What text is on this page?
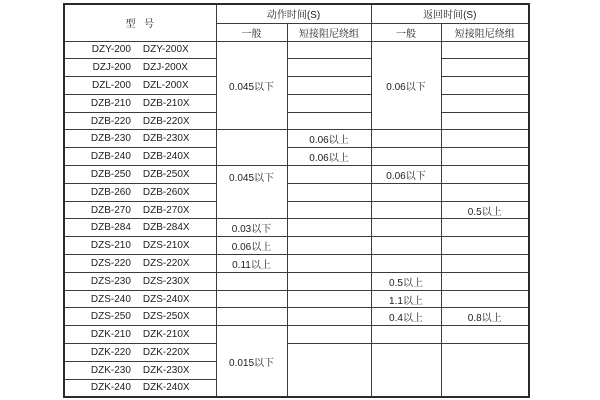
型  号	动作时间(S)		返回时间(S)	
	一般	短接阻尼绕组	一般	短接阻尼绕组

DZY-200 DZY-200X	0.045以下		0.06以下	

DZJ-200 DZJ-200X				

DZL-200 DZL-200X				

DZB-210 DZB-210X				

DZB-220 DZB-220X				

DZB-230 DZB-230X		0.06以上		

DZB-240 DZB-240X		0.06以上		

DZB-250 DZB-250X	0.045以下		0.06以下	

DZB-260 DZB-260X				

DZB-270 DZB-270X				0.5以上

DZB-284 DZB-284X	0.03以下			

DZS-210 DZS-210X	0.06以上			

DZS-220 DZS-220X	0.11以上			

DZS-230 DZS-230X			0.5以上	

DZS-240 DZS-240X			1.1以上	

DZS-250 DZS-250X			0.4以上	0.8以上

DZK-210 DZK-210X	0.015以下			

DZK-220 DZK-220X				

DZK-230 DZK-230X				

DZK-240 DZK-240X				
